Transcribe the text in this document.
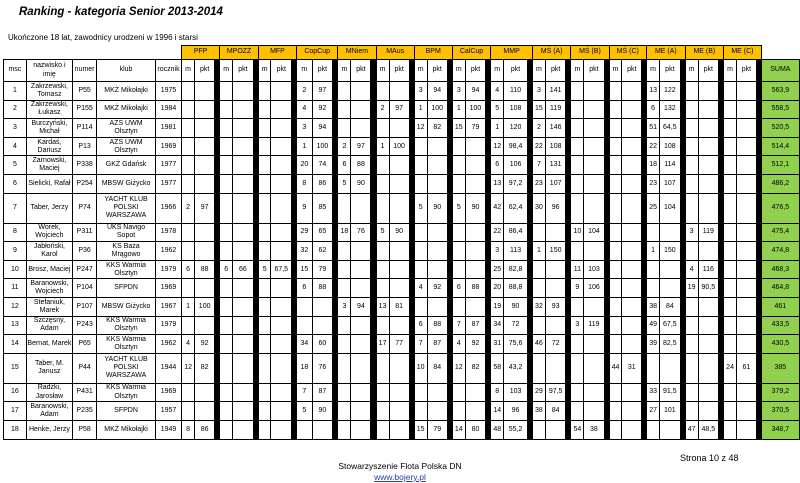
Ranking - kategoria Senior 2013-2014
Ukończone 18 lat, zawodnicy urodzeni w 1996 i starsi
					PFP			MPOZŻ			MFP			CopCup			MNiem			MAus			BPM			CalCup			MMP			MŚ (A)			MŚ (B)			MŚ (C)			ME (A)			ME (B)			ME (C)			
msc	nazwisko i imię	numer	klub	rocznik	m	pkt		m	pkt		m	pkt		m	pkt		m	pkt		m	pkt		m	pkt		m	pkt		m	pkt		m	pkt		m	pkt		m	pkt		m	pkt		m	pkt		m	pkt		SUMA
1	Zakrzewski, Tomasz	P55	MKŻ Mikołajki	1975										2	97								3	94		3	94		4	110		3	141								13	122								563,9
2	Zakrzewski, Łukasz	P155	MKŻ Mikołajki	1984										4	92					2	97		1	100		1	100		5	108		15	119								6	132								558,5
3	Burczyński, Michał	P114	AZS UWM Olsztyn	1981										3	94								12	82		15	79		1	120		2	146								51	64,5								520,5
4	Kardaś, Dariusz	P13	AZS UWM Olsztyn	1969										1	100		2	97		1	100								12	98,4		22	108								22	108								514,4
5	Żarnowski, Maciej	P338	GKŻ Gdańsk	1977										20	74		6	88											6	106		7	131								18	114								512,1
6	Sielicki, Rafał	P254	MBSW Giżycko	1977										8	86		5	90											13	97,2		23	107								23	107								486,2
7	Taber, Jerzy	P74	YACHT KLUB POLSKI WARSZAWA	1966	2	97								9	85								5	90		5	90		42	62,4		30	96								25	104								476,5
8	Worek, Wojciech	P311	UKS Navigo Sopot	1978										29	65		18	76		5	90								22	86,4					10	104								3	119					475,4
9	Jabłoński, Karol	P36	KS Baza Mrągowo	1962										32	62														3	113		1	150								1	150								474,8
10	Brosz, Maciej	P247	KKS Warmia Olsztyn	1979	6	88		6	66		5	67,5		15	79														25	82,8					11	103								4	116					468,3
11	Baranowski, Wojciech	P104	SFPDN	1969										6	88								4	92		6	88		20	88,8					9	106								19	90,5					464,8
12	Stefaniuk, Marek	P107	MBSW Giżycko	1967	1	100											3	94		13	81								19	90		32	93								38	84								461
13	Szczęsny, Adam	P243	KKS Warmia Olsztyn	1979																			6	88		7	87		34	72					3	119					49	67,5								433,5
14	Bernat, Marek	P65	KKS Warmia Olsztyn	1962	4	92								34	60					17	77		7	87		4	92		31	75,6		46	72								39	82,5								430,5
15	Taber, M. Janusz	P44	YACHT KLUB POLSKI WARSZAWA	1944	12	82								18	76								10	84		12	82		58	43,2								44	31								24	61		385
16	Radzki, Jarosław	P431	KKS Warmia Olsztyn	1969										7	87														8	103		29	97,5								33	91,5								379,2
17	Baranowski, Adam	P235	SFPDN	1957										5	90														14	96		38	84								27	101								370,5
18	Henke, Jerzy	P58	MKŻ Mikołajki	1949	8	86																	15	79		14	80		48	55,2					54	38								47	48,5					348,7
Strona 10 z 48
Stowarzyszenie Flota Polska DN
www.bojery.pl
